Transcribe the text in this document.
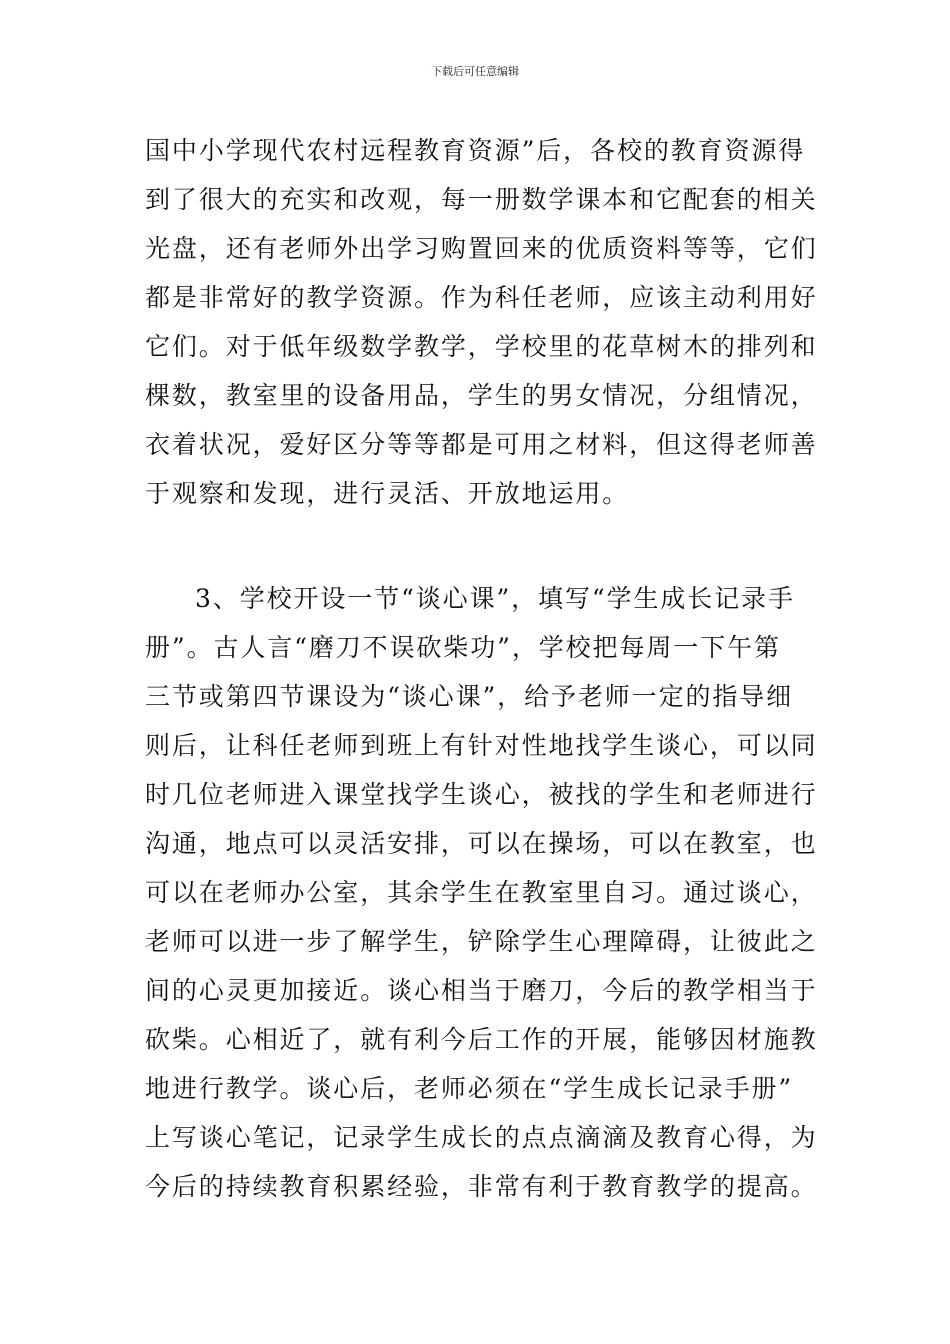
下载后可任意编辑
国中小学现代农村远程教育资源”后，各校的教育资源得
到了很大的充实和改观，每一册数学课本和它配套的相关
光盘，还有老师外出学习购置回来的优质资料等等，它们
都是非常好的教学资源。作为科任老师，应该主动利用好
它们。对于低年级数学教学，学校里的花草树木的排列和
棵数，教室里的设备用品，学生的男女情况，分组情况，
衣着状况，爱好区分等等都是可用之材料，但这得老师善
于观察和发现，进行灵活、开放地运用。
3、学校开设一节“谈心课”，填写“学生成长记录手
册”。古人言“磨刀不误砍柴功”，学校把每周一下午第
三节或第四节课设为“谈心课”，给予老师一定的指导细
则后，让科任老师到班上有针对性地找学生谈心，可以同
时几位老师进入课堂找学生谈心，被找的学生和老师进行
沟通，地点可以灵活安排，可以在操场，可以在教室，也
可以在老师办公室，其余学生在教室里自习。通过谈心，
老师可以进一步了解学生，铲除学生心理障碍，让彼此之
间的心灵更加接近。谈心相当于磨刀，今后的教学相当于
砍柴。心相近了，就有利今后工作的开展，能够因材施教
地进行教学。谈心后，老师必须在“学生成长记录手册”
上写谈心笔记，记录学生成长的点点滴滴及教育心得，为
今后的持续教育积累经验，非常有利于教育教学的提高。
